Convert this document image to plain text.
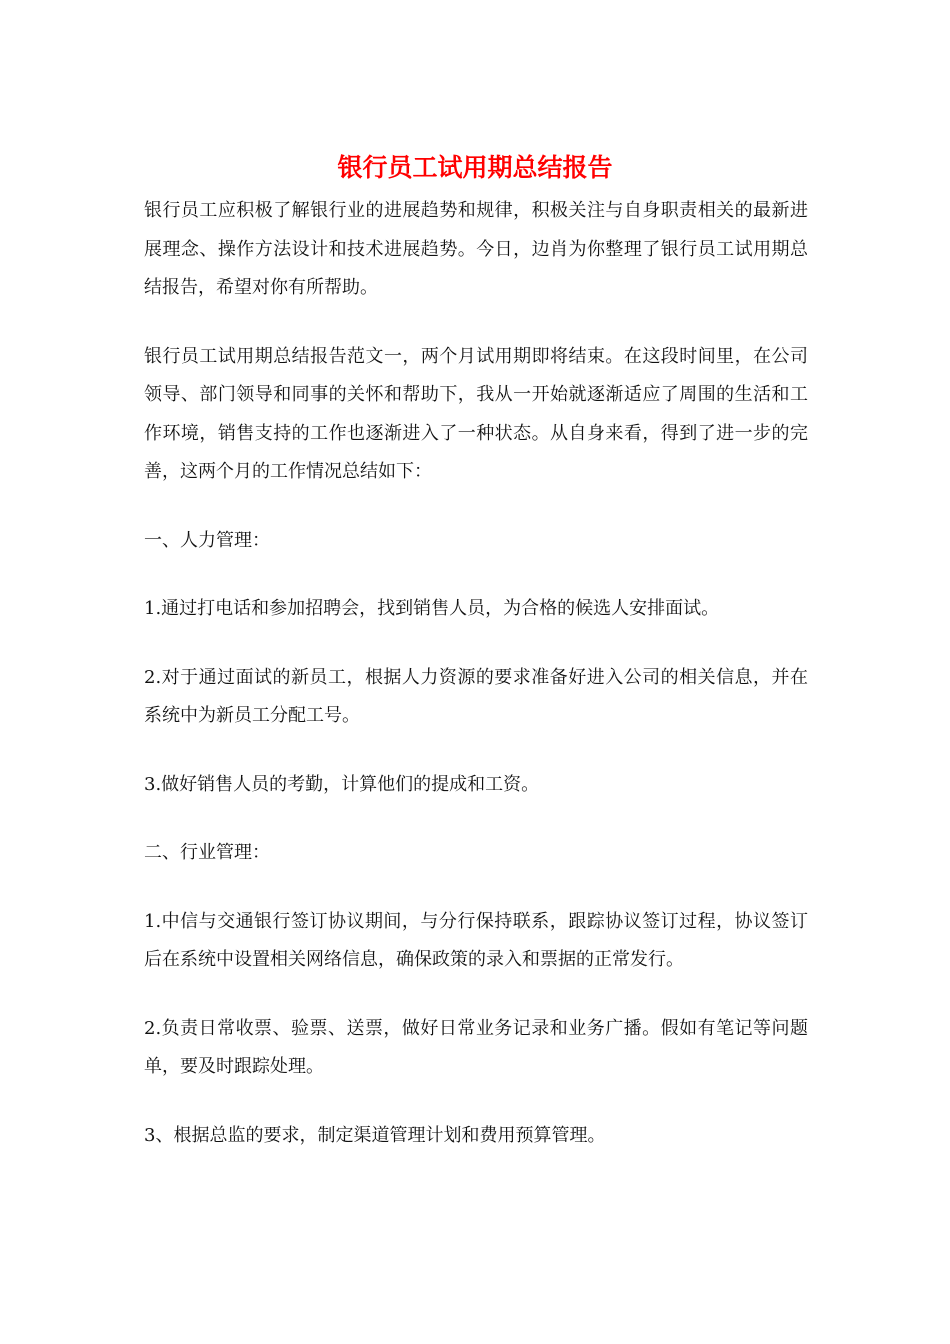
银行员工试用期总结报告

银行员工应积极了解银行业的进展趋势和规律，积极关注与自身职责相关的最新进展理念、操作方法设计和技术进展趋势。今日，边肖为你整理了银行员工试用期总结报告，希望对你有所帮助。

银行员工试用期总结报告范文一，两个月试用期即将结束。在这段时间里，在公司领导、部门领导和同事的关怀和帮助下，我从一开始就逐渐适应了周围的生活和工作环境，销售支持的工作也逐渐进入了一种状态。从自身来看，得到了进一步的完善，这两个月的工作情况总结如下：

一、人力管理：

1.通过打电话和参加招聘会，找到销售人员，为合格的候选人安排面试。

2.对于通过面试的新员工，根据人力资源的要求准备好进入公司的相关信息，并在系统中为新员工分配工号。

3.做好销售人员的考勤，计算他们的提成和工资。

二、行业管理：

1.中信与交通银行签订协议期间，与分行保持联系，跟踪协议签订过程，协议签订后在系统中设置相关网络信息，确保政策的录入和票据的正常发行。

2.负责日常收票、验票、送票，做好日常业务记录和业务广播。假如有笔记等问题单，要及时跟踪处理。

3、根据总监的要求，制定渠道管理计划和费用预算管理。
